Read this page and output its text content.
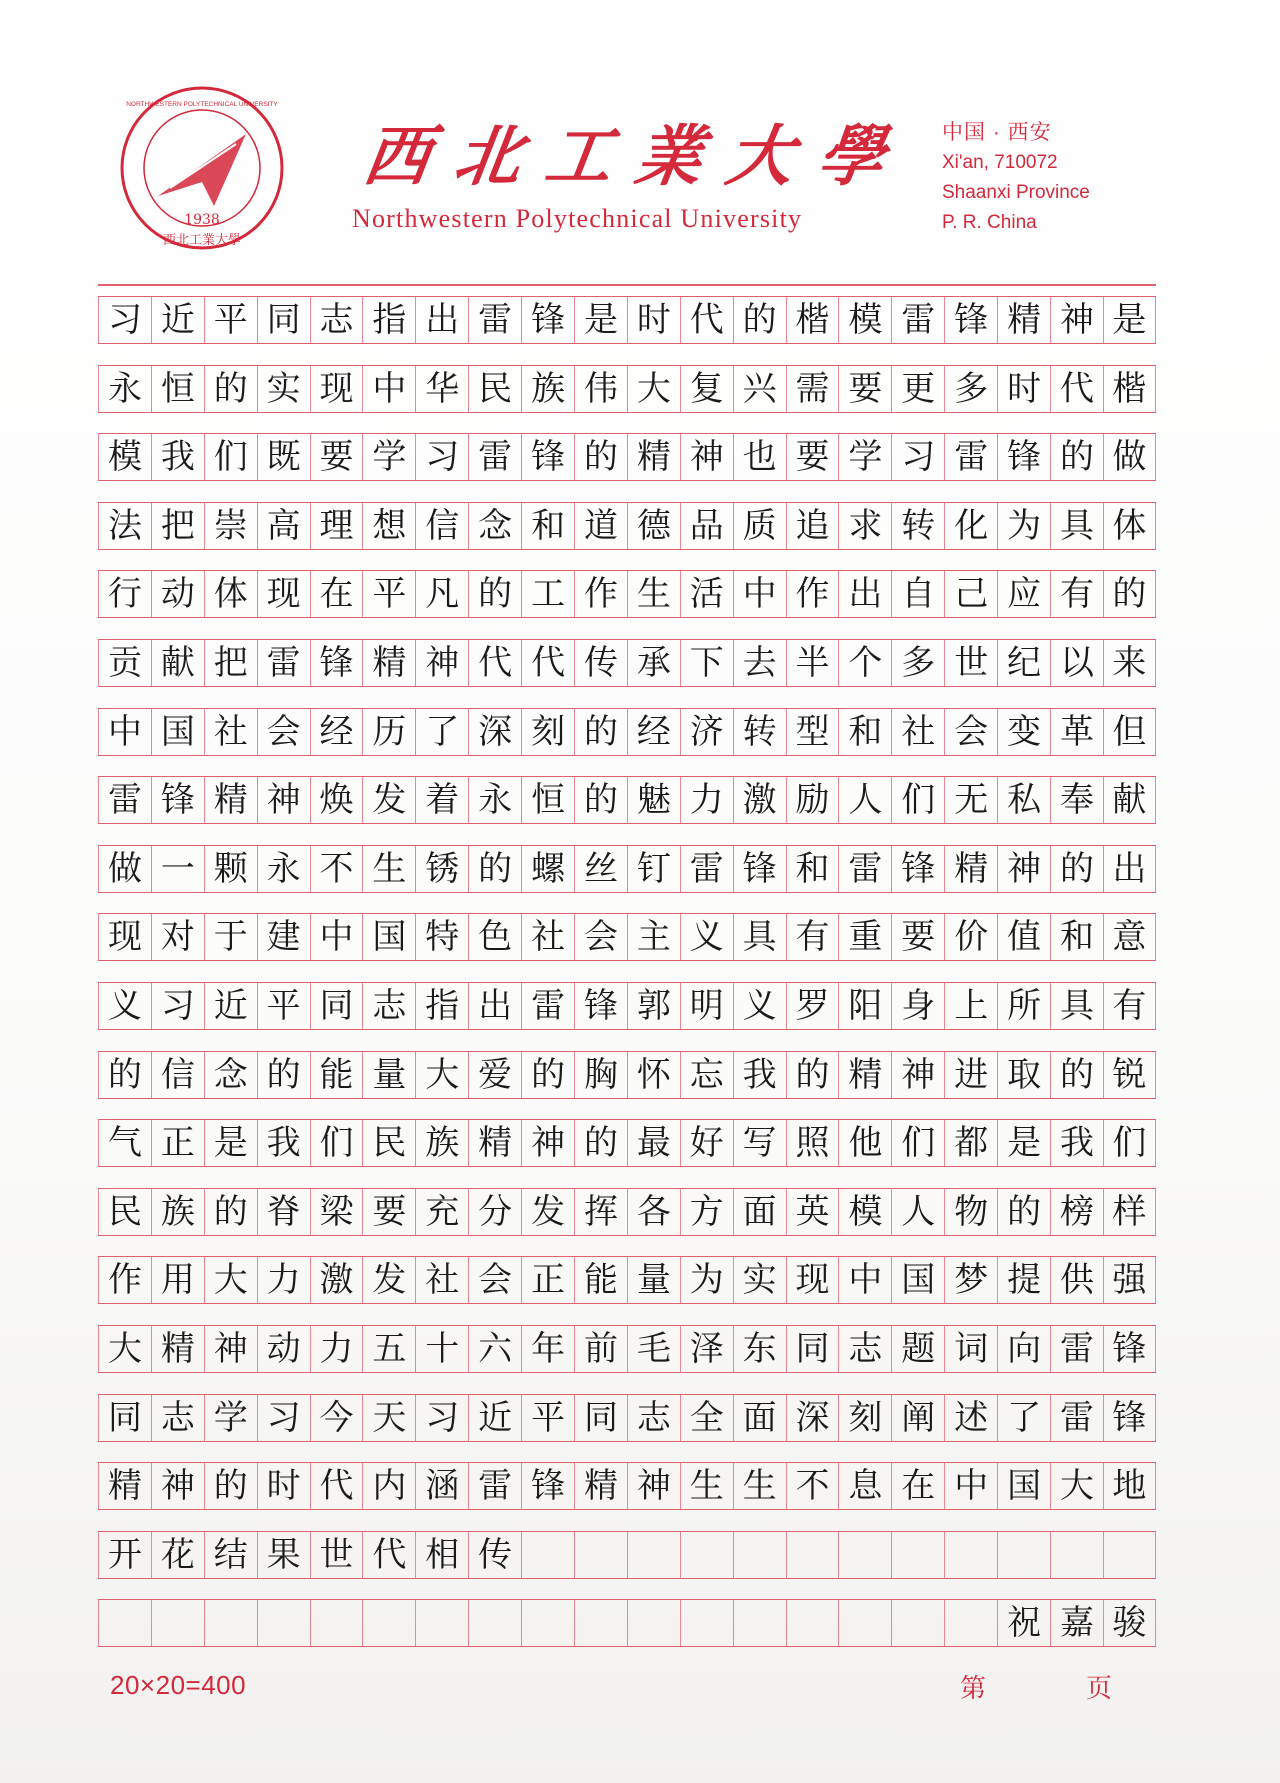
1938
西北工業大學
NORTHWESTERN POLYTECHNICAL UNIVERSITY
西 北 工 業 大 學
Northwestern Polytechnical University
中国 · 西安
Xi'an, 710072
Shaanxi Province
P. R. China
习 近 平 同 志 指 出 雷 锋 是 时 代 的 楷 模 雷 锋 精 神 是
永 恒 的 实 现 中 华 民 族 伟 大 复 兴 需 要 更 多 时 代 楷
模 我 们 既 要 学 习 雷 锋 的 精 神 也 要 学 习 雷 锋 的 做
法 把 崇 高 理 想 信 念 和 道 德 品 质 追 求 转 化 为 具 体
行 动 体 现 在 平 凡 的 工 作 生 活 中 作 出 自 己 应 有 的
贡 献 把 雷 锋 精 神 代 代 传 承 下 去 半 个 多 世 纪 以 来
中 国 社 会 经 历 了 深 刻 的 经 济 转 型 和 社 会 变 革 但
雷 锋 精 神 焕 发 着 永 恒 的 魅 力 激 励 人 们 无 私 奉 献
做 一 颗 永 不 生 锈 的 螺 丝 钉 雷 锋 和 雷 锋 精 神 的 出
现 对 于 建 中 国 特 色 社 会 主 义 具 有 重 要 价 值 和 意
义 习 近 平 同 志 指 出 雷 锋 郭 明 义 罗 阳 身 上 所 具 有
的 信 念 的 能 量 大 爱 的 胸 怀 忘 我 的 精 神 进 取 的 锐
气 正 是 我 们 民 族 精 神 的 最 好 写 照 他 们 都 是 我 们
民 族 的 脊 梁 要 充 分 发 挥 各 方 面 英 模 人 物 的 榜 样
作 用 大 力 激 发 社 会 正 能 量 为 实 现 中 国 梦 提 供 强
大 精 神 动 力 五 十 六 年 前 毛 泽 东 同 志 题 词 向 雷 锋
同 志 学 习 今 天 习 近 平 同 志 全 面 深 刻 阐 述 了 雷 锋
精 神 的 时 代 内 涵 雷 锋 精 神 生 生 不 息 在 中 国 大 地
开 花 结 果 世 代 相 传
祝 嘉 骏
20×20=400	第	页
